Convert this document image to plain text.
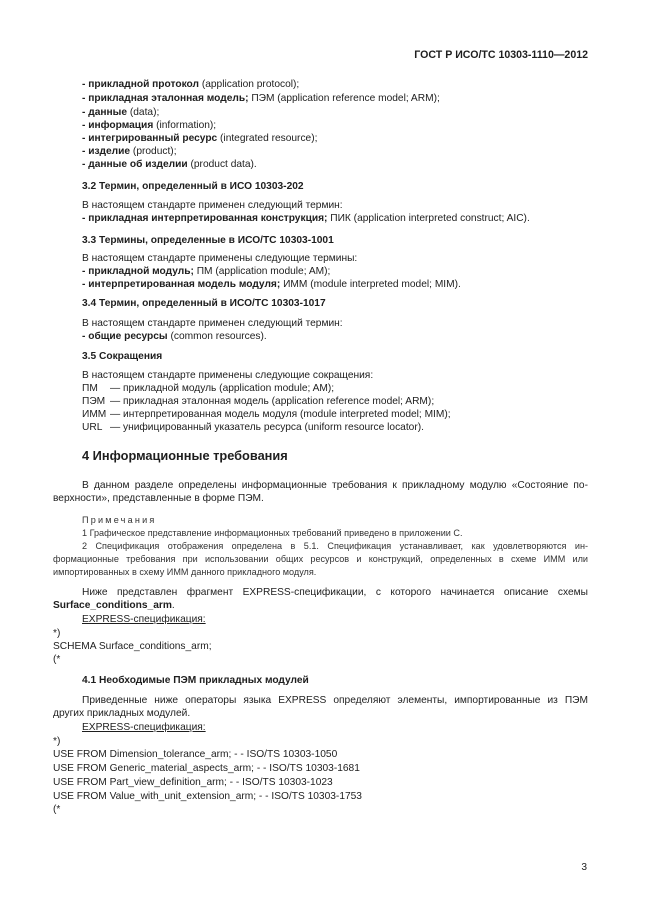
ГОСТ Р ИСО/ТС 10303-1110—2012
- прикладной протокол (application protocol);
- прикладная эталонная модель; ПЭМ (application reference model; ARM);
- данные (data);
- информация (information);
- интегрированный ресурс (integrated resource);
- изделие (product);
- данные об изделии (product data).
3.2 Термин, определенный в ИСО 10303-202
В настоящем стандарте применен следующий термин:
- прикладная интерпретированная конструкция; ПИК (application interpreted construct; AIC).
3.3 Термины, определенные в ИСО/ТС 10303-1001
В настоящем стандарте применены следующие термины:
- прикладной модуль; ПМ (application module; AM);
- интерпретированная модель модуля; ИММ (module interpreted model; MIM).
3.4 Термин, определенный в ИСО/ТС 10303-1017
В настоящем стандарте применен следующий термин:
- общие ресурсы (common resources).
3.5 Сокращения
В настоящем стандарте применены следующие сокращения:
ПМ — прикладной модуль (application module; AM);
ПЭМ — прикладная эталонная модель (application reference model; ARM);
ИММ — интерпретированная модель модуля (module interpreted model; MIM);
URL — унифицированный указатель ресурса (uniform resource locator).
4 Информационные требования
В данном разделе определены информационные требования к прикладному модулю «Состояние по-
верхности», представленные в форме ПЭМ.
Примечания
1 Графическое представление информационных требований приведено в приложении С.
2 Спецификация отображения определена в 5.1. Спецификация устанавливает, как удовлетворяются ин-
формационные требования при использовании общих ресурсов и конструкций, определенных в схеме ИММ или
импортированных в схему ИММ данного прикладного модуля.
Ниже представлен фрагмент EXPRESS-спецификации, с которого начинается описание схемы
Surface_conditions_arm.
EXPRESS-спецификация:
*)
SCHEMA Surface_conditions_arm;
(*
4.1 Необходимые ПЭМ прикладных модулей
Приведенные ниже операторы языка EXPRESS определяют элементы, импортированные из ПЭМ
других прикладных модулей.
EXPRESS-спецификация:
*)
USE FROM Dimension_tolerance_arm; - - ISO/TS 10303-1050
USE FROM Generic_material_aspects_arm; - - ISO/TS 10303-1681
USE FROM Part_view_definition_arm; - - ISO/TS 10303-1023
USE FROM Value_with_unit_extension_arm; - - ISO/TS 10303-1753
(*
3
